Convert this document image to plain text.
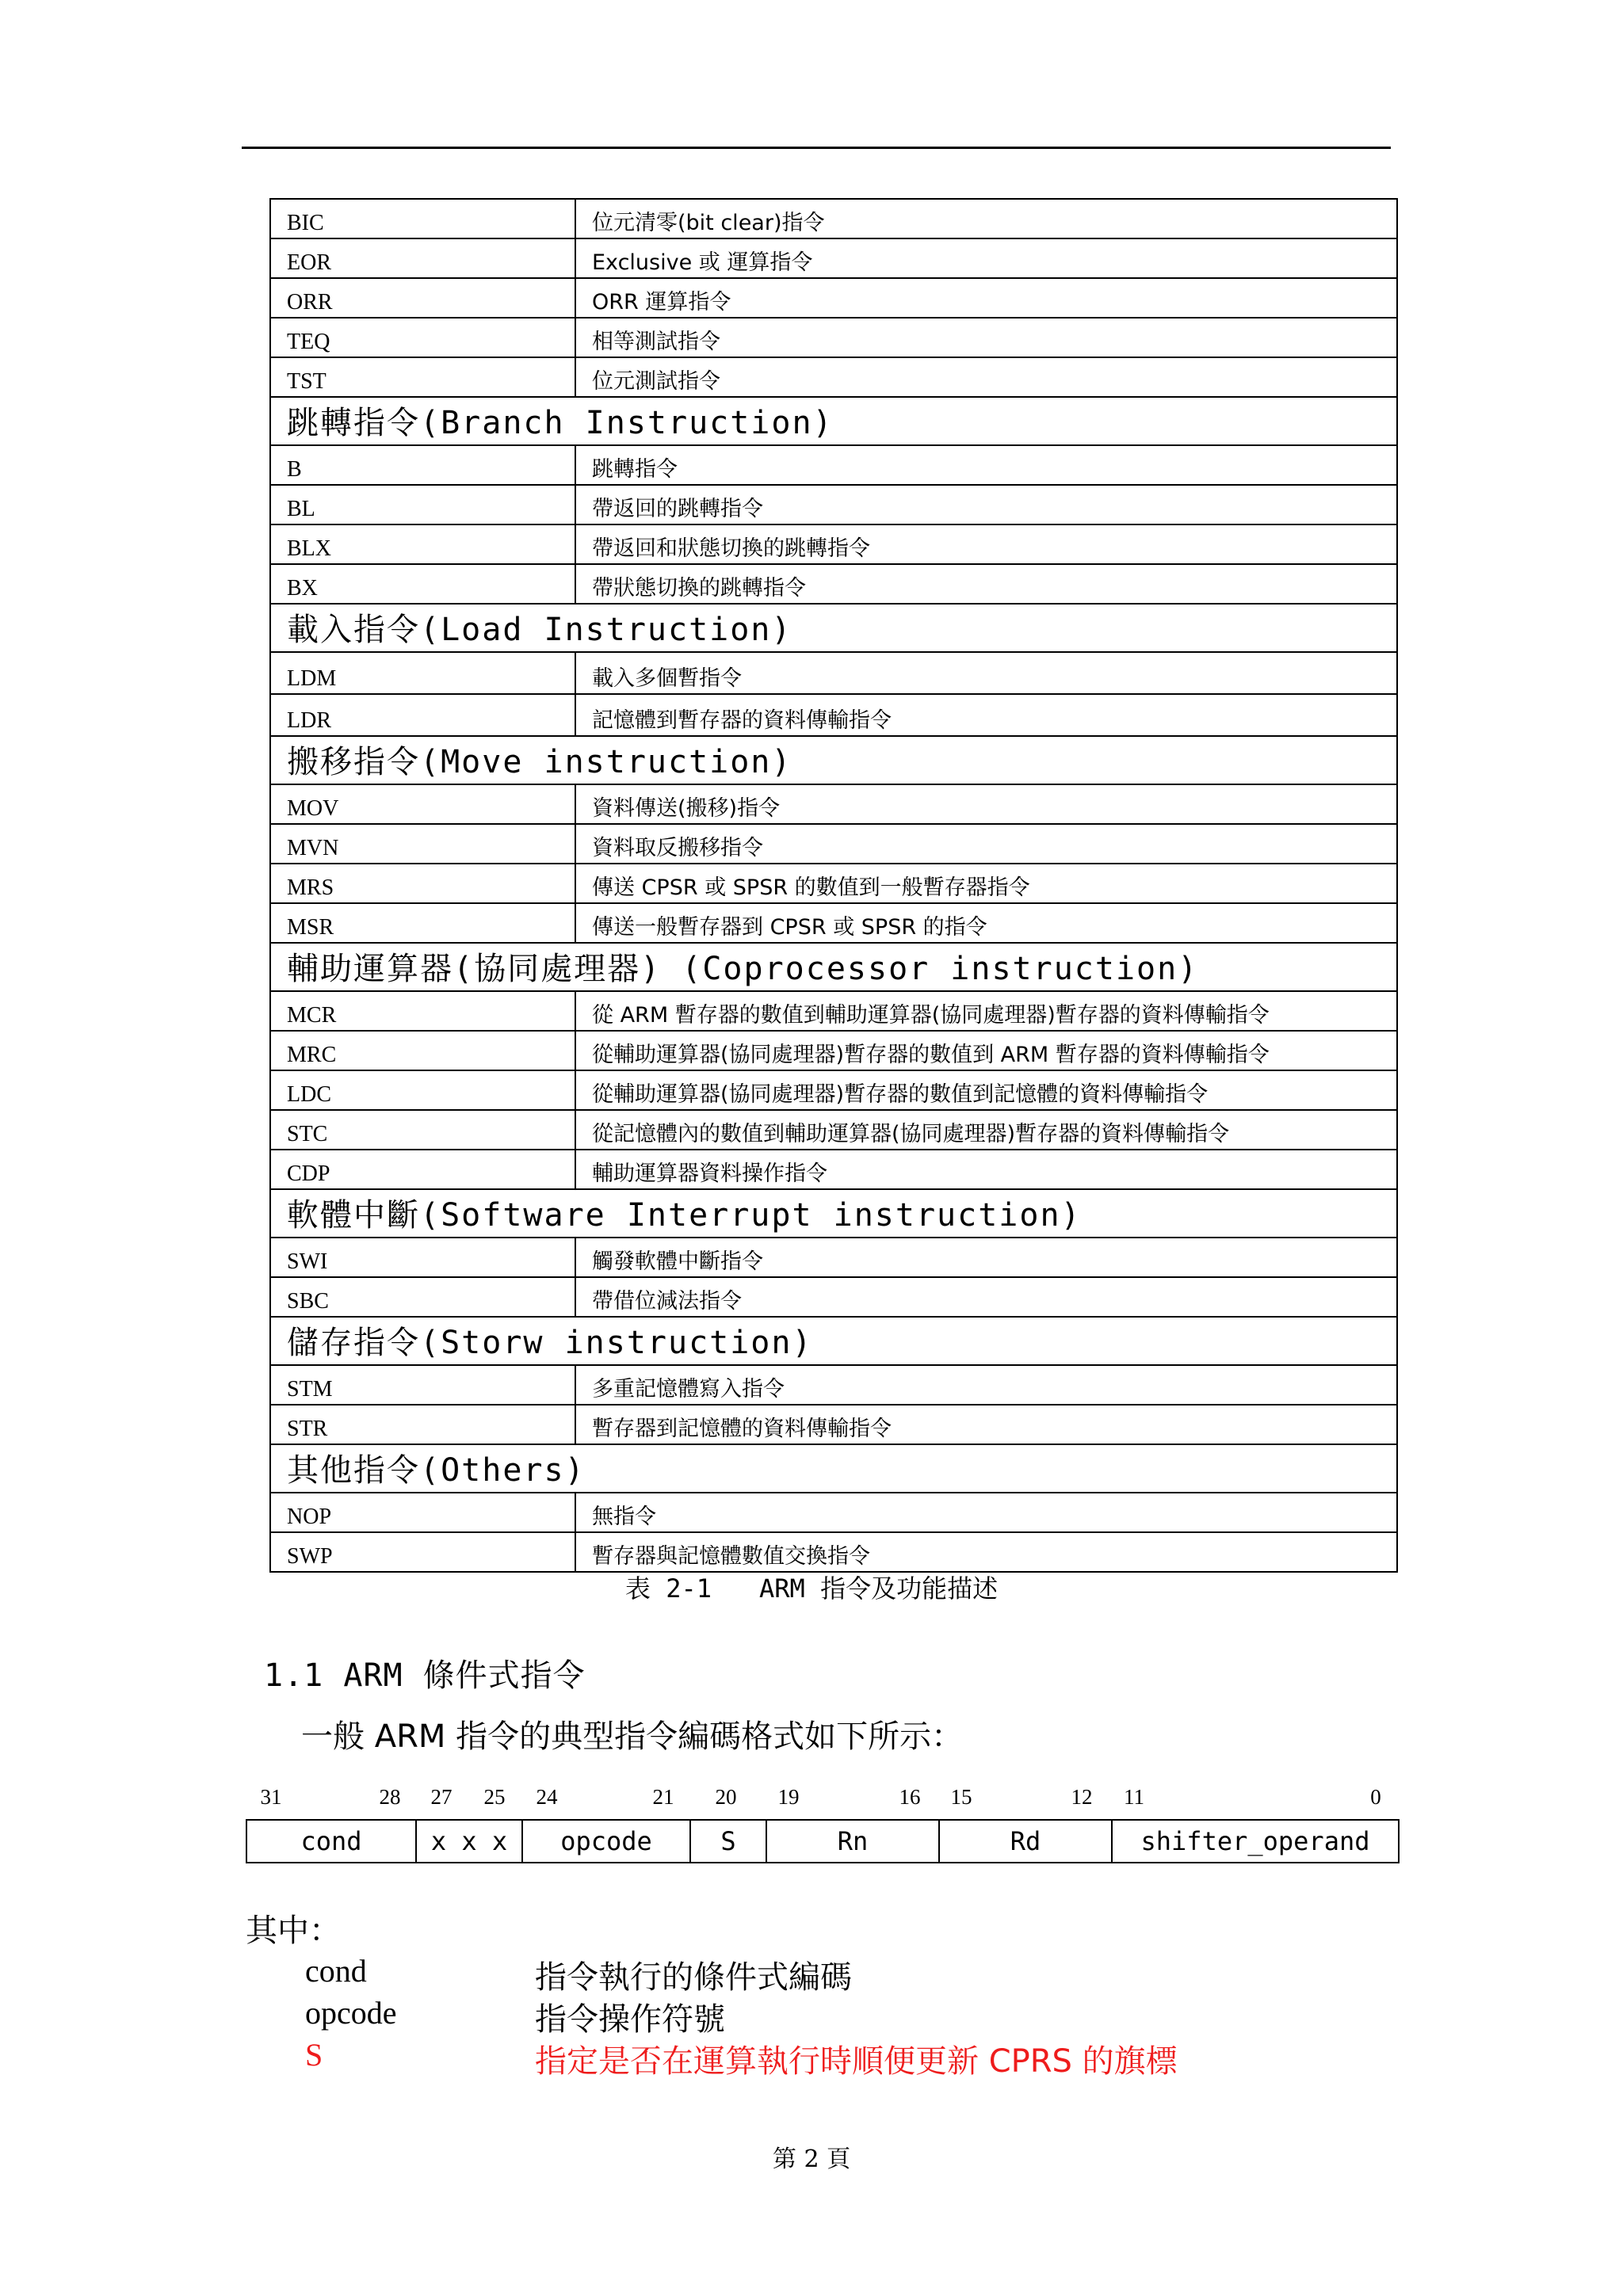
BIC	位元清零(bit clear)指令
EOR	Exclusive 或 運算指令
ORR	ORR 運算指令
TEQ	相等測試指令
TST	位元測試指令
跳轉指令(Branch Instruction)	
B	跳轉指令
BL	帶返回的跳轉指令
BLX	帶返回和狀態切換的跳轉指令
BX	帶狀態切換的跳轉指令
載入指令(Load Instruction)	
LDM	載入多個暫指令
LDR	記憶體到暫存器的資料傳輸指令
搬移指令(Move instruction)	
MOV	資料傳送(搬移)指令
MVN	資料取反搬移指令
MRS	傳送 CPSR 或 SPSR 的數值到一般暫存器指令
MSR	傳送一般暫存器到 CPSR 或 SPSR 的指令
輔助運算器(協同處理器) (Coprocessor instruction)	
MCR	從 ARM 暫存器的數值到輔助運算器(協同處理器)暫存器的資料傳輸指令
MRC	從輔助運算器(協同處理器)暫存器的數值到 ARM 暫存器的資料傳輸指令
LDC	從輔助運算器(協同處理器)暫存器的數值到記憶體的資料傳輸指令
STC	從記憶體內的數值到輔助運算器(協同處理器)暫存器的資料傳輸指令
CDP	輔助運算器資料操作指令
軟體中斷(Software Interrupt instruction)	
SWI	觸發軟體中斷指令
SBC	帶借位減法指令
儲存指令(Storw instruction)	
STM	多重記憶體寫入指令
STR	暫存器到記憶體的資料傳輸指令
其他指令(Others)	
NOP	無指令
SWP	暫存器與記憶體數值交換指令
表 2-1 ARM 指令及功能描述
1.1 ARM 條件式指令
一般 ARM 指令的典型指令編碼格式如下所示：
31	28 27 25 24	21 20 19	16 15	12 11	0
cond	x x x	opcode	S	Rn	Rd	shifter_operand
其中：
cond	指令執行的條件式編碼
opcode	指令操作符號
S	指定是否在運算執行時順便更新 CPRS 的旗標
第 2 頁
